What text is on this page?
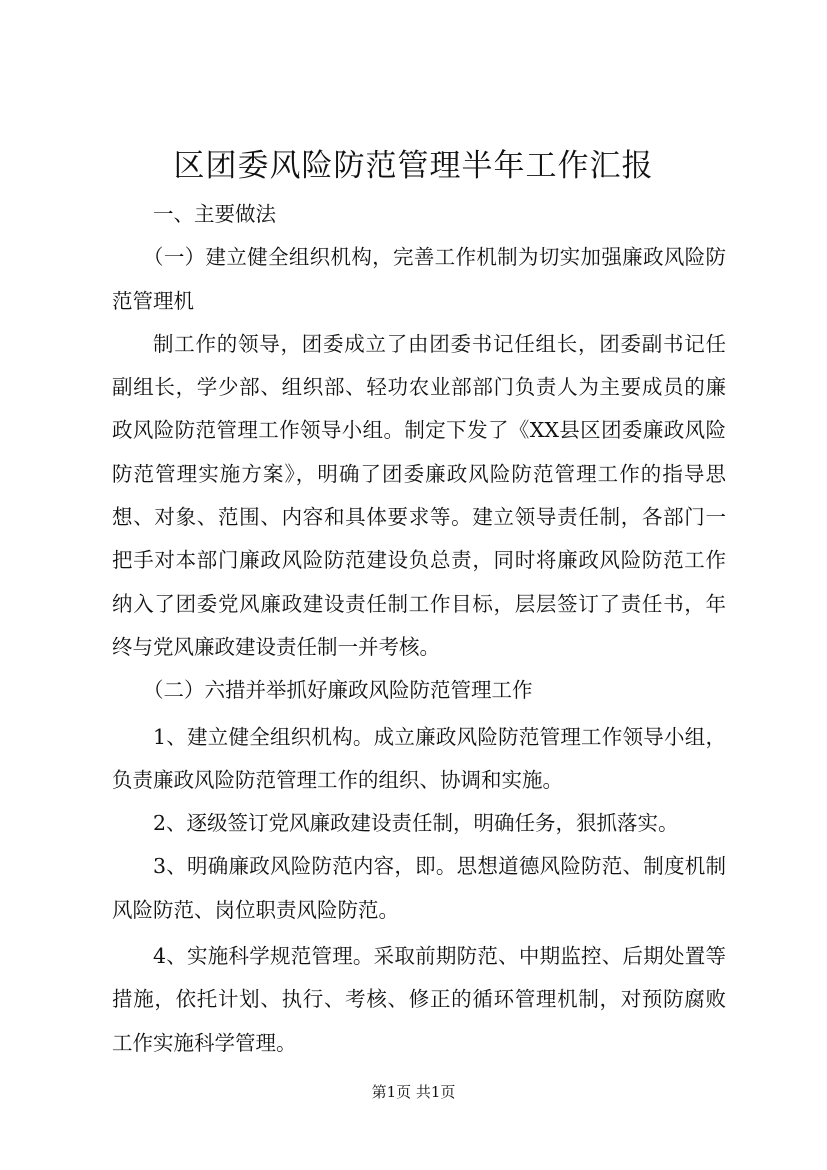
区团委风险防范管理半年工作汇报

一、主要做法

（一）建立健全组织机构，完善工作机制为切实加强廉政风险防范管理机

制工作的领导，团委成立了由团委书记任组长，团委副书记任副组长，学少部、组织部、轻功农业部部门负责人为主要成员的廉政风险防范管理工作领导小组。制定下发了《XX县区团委廉政风险防范管理实施方案》，明确了团委廉政风险防范管理工作的指导思想、对象、范围、内容和具体要求等。建立领导责任制，各部门一把手对本部门廉政风险防范建设负总责，同时将廉政风险防范工作纳入了团委党风廉政建设责任制工作目标，层层签订了责任书，年终与党风廉政建设责任制一并考核。

（二）六措并举抓好廉政风险防范管理工作

1、建立健全组织机构。成立廉政风险防范管理工作领导小组，负责廉政风险防范管理工作的组织、协调和实施。

2、逐级签订党风廉政建设责任制，明确任务，狠抓落实。

3、明确廉政风险防范内容，即。思想道德风险防范、制度机制风险防范、岗位职责风险防范。

4、实施科学规范管理。采取前期防范、中期监控、后期处置等措施，依托计划、执行、考核、修正的循环管理机制，对预防腐败工作实施科学管理。

第1页 共1页
